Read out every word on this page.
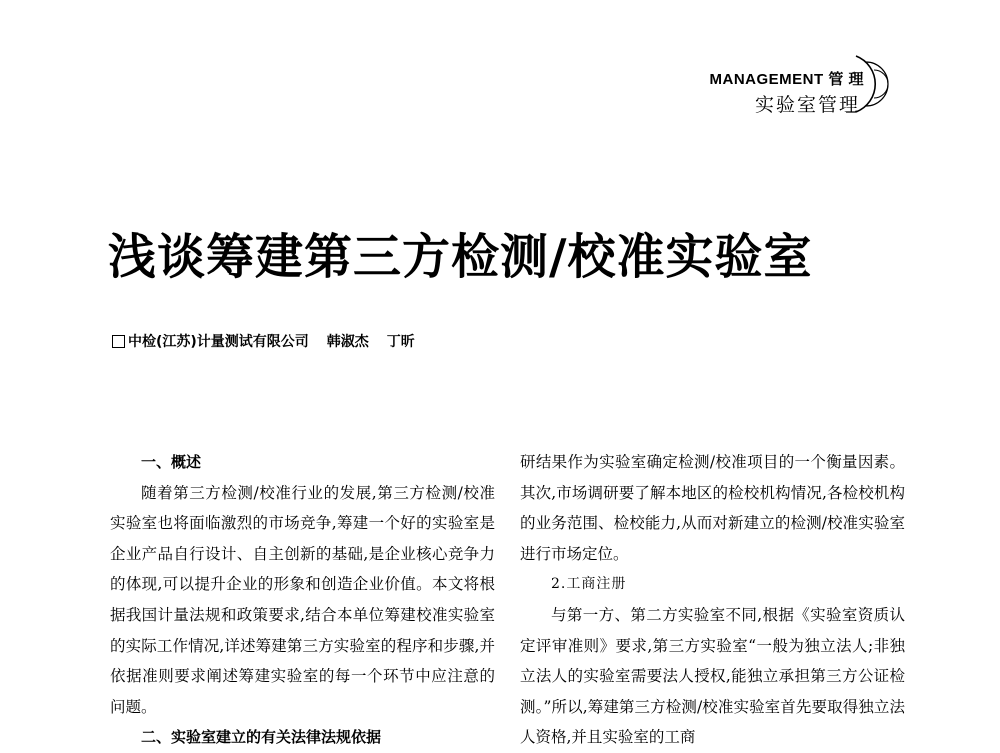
MANAGEMENT 管 理
实验室管理
浅谈筹建第三方检测/校准实验室
中检(江苏)计量测试有限公司 韩淑杰 丁昕

一、概述

随着第三方检测/校准行业的发展,第三方检测/校准实验室也将面临激烈的市场竞争,筹建一个好的实验室是企业产品自行设计、自主创新的基础,是企业核心竞争力的体现,可以提升企业的形象和创造企业价值。本文将根据我国计量法规和政策要求,结合本单位筹建校准实验室的实际工作情况,详述筹建第三方实验室的程序和步骤,并依据准则要求阐述筹建实验室的每一个环节中应注意的问题。

二、实验室建立的有关法律法规依据

研结果作为实验室确定检测/校准项目的一个衡量因素。其次,市场调研要了解本地区的检校机构情况,各检校机构的业务范围、检校能力,从而对新建立的检测/校准实验室进行市场定位。

2.工商注册

与第一方、第二方实验室不同,根据《实验室资质认定评审准则》要求,第三方实验室“一般为独立法人;非独立法人的实验室需要法人授权,能独立承担第三方公证检测。”所以,筹建第三方检测/校准实验室首先要取得独立法人资格,并且实验室的工商
